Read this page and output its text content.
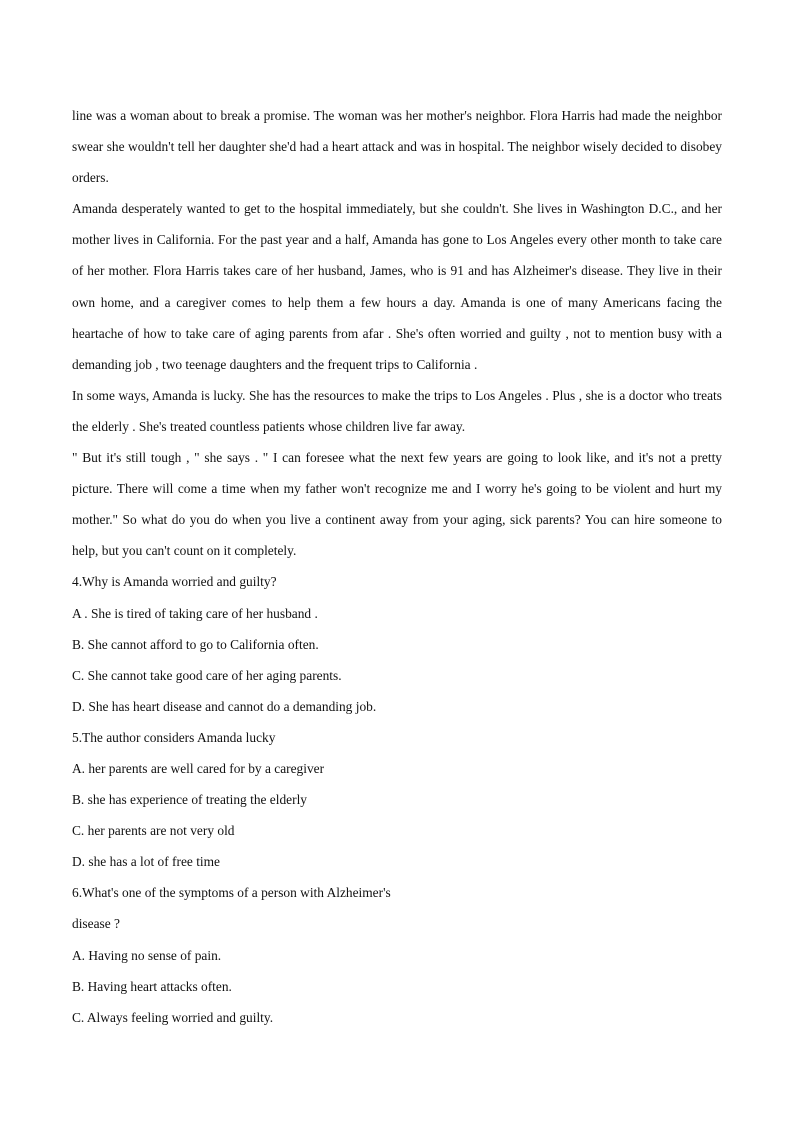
line was a woman about to break a promise. The woman was her mother's neighbor. Flora Harris had made the neighbor swear she wouldn't tell her daughter she'd had a heart attack and was in hospital. The neighbor wisely decided to disobey orders.

Amanda desperately wanted to get to the hospital immediately, but she couldn't. She lives in Washington D.C., and her mother lives in California. For the past year and a half, Amanda has gone to Los Angeles every other month to take care of her mother. Flora Harris takes care of her husband, James, who is 91 and has Alzheimer's disease. They live in their own home, and a caregiver comes to help them a few hours a day. Amanda is one of many Americans facing the heartache of how to take care of aging parents from afar . She's often worried and guilty , not to mention busy with a demanding job , two teenage daughters and the frequent trips to California .

In some ways, Amanda is lucky. She has the resources to make the trips to Los Angeles . Plus , she is a doctor who treats the elderly . She's treated countless patients whose children live far away.

" But it's still tough , " she says . " I can foresee what the next few years are going to look like, and it's not a pretty picture. There will come a time when my father won't recognize me and I worry he's going to be violent and hurt my mother." So what do you do when you live a continent away from your aging, sick parents? You can hire someone to help, but you can't count on it completely.

4.Why is Amanda worried and guilty?

A . She is tired of taking care of her husband .

B. She cannot afford to go to California often.

C. She cannot take good care of her aging parents.

D. She has heart disease and cannot do a demanding job.

5.The author considers Amanda lucky

A. her parents are well cared for by a caregiver

B. she has experience of treating the elderly

C. her parents are not very old

D. she has a lot of free time

6.What's one of the symptoms of a person with Alzheimer's

disease ?

A. Having no sense of pain.

B. Having heart attacks often.

C. Always feeling worried and guilty.
